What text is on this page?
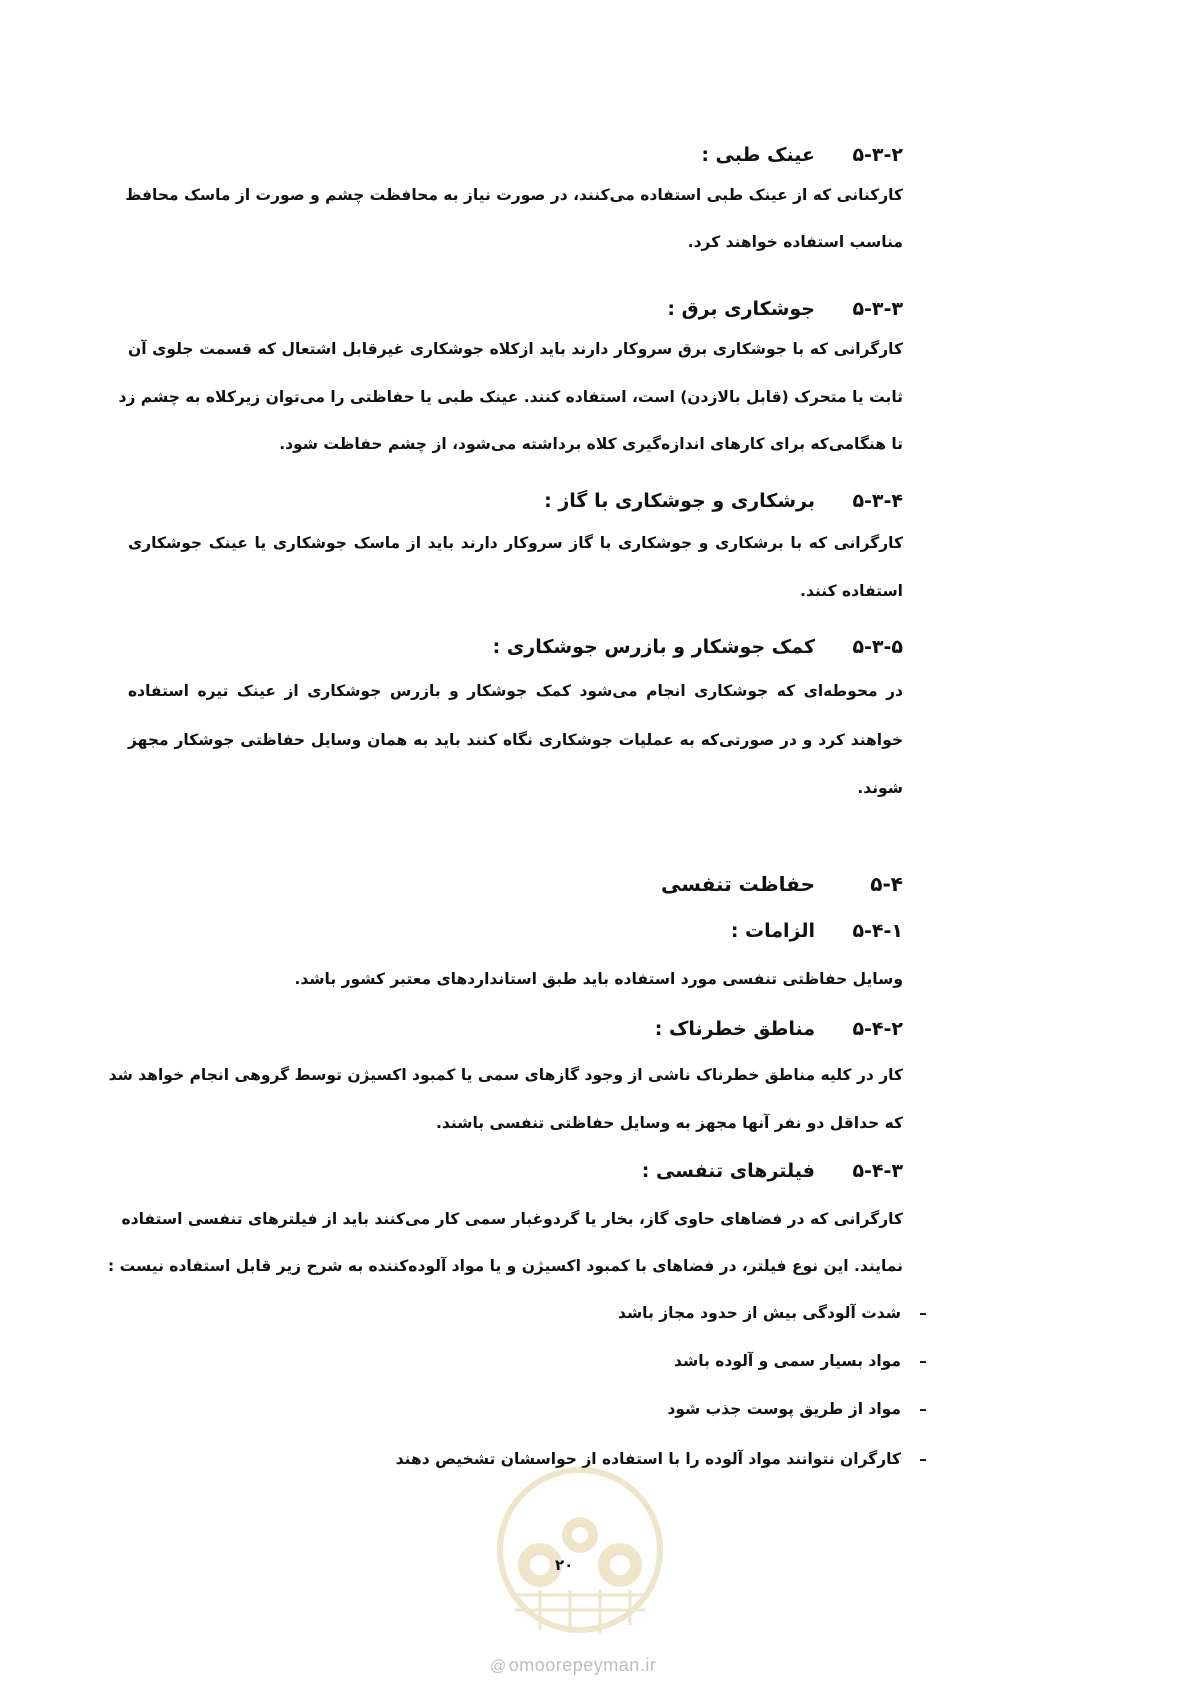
۵-۳-۲عینک طبی :
کارکنانی که از عینک طبی استفاده می‌کنند، در صورت نیاز به محافظت چشم و صورت از ماسک محافظ
مناسب استفاده خواهند کرد.
۵-۳-۳جوشکاری برق :
کارگرانی که با جوشکاری برق سروکار دارند باید ازکلاه جوشکاری غیرقابل اشتعال که قسمت جلوی آن
ثابت یا متحرک (قابل بالازدن) است، استفاده کنند. عینک طبی یا حفاظتی را می‌توان زیرکلاه به چشم زد
تا هنگامی‌که برای کارهای اندازه‌گیری کلاه برداشته می‌شود، از چشم حفاظت شود.
۵-۳-۴برشکاری و جوشکاری با گاز :
کارگرانی که با برشکاری و جوشکاری با گاز سروکار دارند باید از ماسک جوشکاری یا عینک جوشکاری
استفاده کنند.
۵-۳-۵کمک جوشکار و بازرس جوشکاری :
در محوطه‌ای که جوشکاری انجام می‌شود کمک جوشکار و بازرس جوشکاری از عینک تیره استفاده
خواهند کرد و در صورتی‌که به عملیات جوشکاری نگاه کنند باید به همان وسایل حفاظتی جوشکار مجهز
شوند.
۵-۴حفاظت تنفسی
۵-۴-۱الزامات :
وسایل حفاظتی تنفسی مورد استفاده باید طبق استانداردهای معتبر کشور باشد.
۵-۴-۲مناطق خطرناک :
کار در کلیه مناطق خطرناک ناشی از وجود گازهای سمی یا کمبود اکسیژن توسط گروهی انجام خواهد شد
که حداقل دو نفر آنها مجهز به وسایل حفاظتی تنفسی باشند.
۵-۴-۳فیلترهای تنفسی :
کارگرانی که در فضاهای حاوی گاز، بخار یا گردوغبار سمی کار می‌کنند باید از فیلترهای تنفسی استفاده
نمایند. این نوع فیلتر، در فضاهای با کمبود اکسیژن و یا مواد آلوده‌کننده به شرح زیر قابل استفاده نیست :
–شدت آلودگی بیش از حدود مجاز باشد
–مواد بسیار سمی و آلوده باشد
–مواد از طریق پوست جذب شود
–کارگران نتوانند مواد آلوده را با استفاده از حواسشان تشخیص دهند
۲۰
@ omoorepeyman.ir
